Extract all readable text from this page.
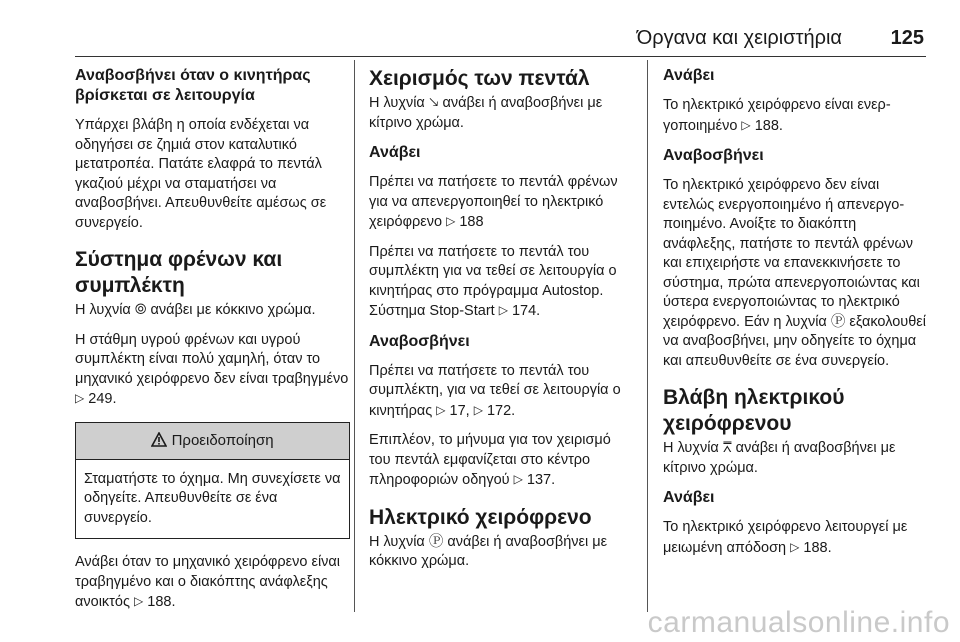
Όργανα και χειριστήρια 125
Αναβοσβήνει όταν ο κινητήρας βρίσκεται σε λειτουργία

Υπάρχει βλάβη η οποία ενδέχεται να οδηγήσει σε ζημιά στον καταλυτικό μετατροπέα. Πατάτε ελαφρά το πεντάλ γκαζιού μέχρι να σταματήσει να αναβοσβήνει. Απευθυνθείτε αμέσως σε συνεργείο.

Σύστημα φρένων και συμπλέκτη

Η λυχνία ⦾ ανάβει με κόκκινο χρώμα.

Η στάθμη υγρού φρένων και υγρού συμπλέκτη είναι πολύ χαμηλή, όταν το μηχανικό χειρόφρενο δεν είναι τραβηγμένο ▷ 249.

Προειδοποίηση

Σταματήστε το όχημα. Μη συνεχίσετε να οδηγείτε. Απευθυνθείτε σε ένα συνεργείο.

Ανάβει όταν το μηχανικό χειρόφρενο είναι τραβηγμένο και ο διακόπτης ανάφλεξης ανοικτός ▷ 188.

Χειρισμός των πεντάλ

Η λυχνία 🡖 ανάβει ή αναβοσβήνει με κίτρινο χρώμα.

Ανάβει

Πρέπει να πατήσετε το πεντάλ φρένων για να απενεργοποιηθεί το ηλεκτρικό χειρόφρενο ▷ 188

Πρέπει να πατήσετε το πεντάλ του συμπλέκτη για να τεθεί σε λειτουργία ο κινητήρας στο πρόγραμμα Autostop. Σύστημα Stop-Start ▷ 174.

Αναβοσβήνει

Πρέπει να πατήσετε το πεντάλ του συμπλέκτη, για να τεθεί σε λειτουργία ο κινητήρας ▷ 17, ▷ 172.

Επιπλέον, το μήνυμα για τον χειρισμό του πεντάλ εμφανίζεται στο κέντρο πληροφοριών οδηγού ▷ 137.

Ηλεκτρικό χειρόφρενο

Η λυχνία Ⓟ ανάβει ή αναβοσβήνει με κόκκινο χρώμα.

Ανάβει

Το ηλεκτρικό χειρόφρενο είναι ενεργοποιημένο ▷ 188.

Αναβοσβήνει

Το ηλεκτρικό χειρόφρενο δεν είναι εντελώς ενεργοποιημένο ή απενεργοποιημένο. Ανοίξτε το διακόπτη ανάφλεξης, πατήστε το πεντάλ φρένων και επιχειρήστε να επανεκκινήσετε το σύστημα, πρώτα απενεργοποιώντας και ύστερα ενεργοποιώντας το ηλεκτρικό χειρόφρενο. Εάν η λυχνία Ⓟ εξακολουθεί να αναβοσβήνει, μην οδηγείτε το όχημα και απευθυνθείτε σε ένα συνεργείο.

Βλάβη ηλεκτρικού χειρόφρενου

Η λυχνία ⩞ ανάβει ή αναβοσβήνει με κίτρινο χρώμα.

Ανάβει

Το ηλεκτρικό χειρόφρενο λειτουργεί με μειωμένη απόδοση ▷ 188.

carmanualsonline.info
